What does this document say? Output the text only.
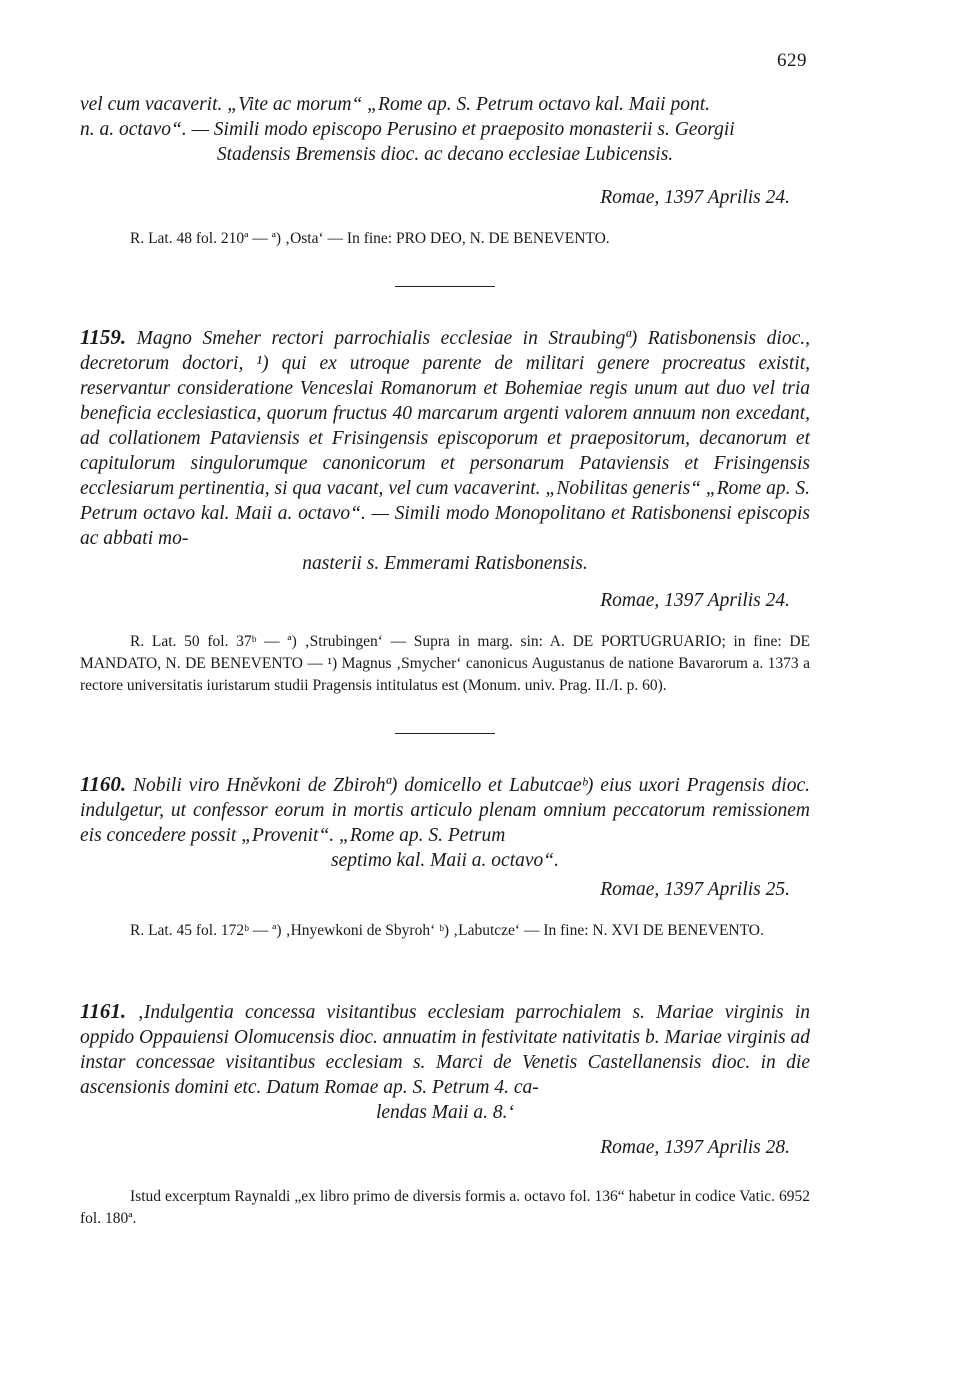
629

vel cum vacaverit. „Vite ac morum“ „Rome ap. S. Petrum octavo kal. Maii pont.

n. a. octavo“. — Simili modo episcopo Perusino et praeposito monasterii s. Georgii

Stadensis Bremensis dioc. ac decano ecclesiae Lubicensis.

Romae, 1397 Aprilis 24.

R. Lat. 48 fol. 210ª — ª) ‚Osta‘ — In fine: PRO DEO, N. DE BENEVENTO.

1159. Magno Smeher rectori parrochialis ecclesiae in Straubingª) Ratisbonensis dioc., decretorum doctori, ¹) qui ex utroque parente de militari genere procreatus existit, reservantur consideratione Venceslai Romanorum et Bohemiae regis unum aut duo vel tria beneficia ecclesiastica, quorum fructus 40 marcarum argenti valorem annuum non excedant, ad collationem Pataviensis et Frisingensis episcoporum et praepositorum, decanorum et capitulorum singulorumque canonicorum et personarum Pataviensis et Frisingensis ecclesiarum pertinentia, si qua vacant, vel cum vacaverint. „Nobilitas generis“ „Rome ap. S. Petrum octavo kal. Maii a. octavo“. — Simili modo Monopolitano et Ratisbonensi episcopis ac abbati mo-

nasterii s. Emmerami Ratisbonensis.

Romae, 1397 Aprilis 24.

R. Lat. 50 fol. 37ᵇ — ª) ‚Strubingen‘ — Supra in marg. sin: A. DE PORTUGRUARIO; in fine: DE MANDATO, N. DE BENEVENTO — ¹) Magnus ‚Smycher‘ canonicus Augustanus de natione Bavarorum a. 1373 a rectore universitatis iuristarum studii Pragensis intitulatus est (Monum. univ. Prag. II./I. p. 60).

1160. Nobili viro Hněvkoni de Zbirohª) domicello et Labutcaeᵇ) eius uxori Pragensis dioc. indulgetur, ut confessor eorum in mortis articulo plenam omnium peccatorum remissionem eis concedere possit „Provenit“. „Rome ap. S. Petrum

septimo kal. Maii a. octavo“.

Romae, 1397 Aprilis 25.

R. Lat. 45 fol. 172ᵇ — ª) ‚Hnyewkoni de Sbyroh‘ ᵇ) ‚Labutcze‘ — In fine: N. XVI DE BENEVENTO.

1161. ‚Indulgentia concessa visitantibus ecclesiam parrochialem s. Mariae virginis in oppido Oppauiensi Olomucensis dioc. annuatim in festivitate nativitatis b. Mariae virginis ad instar concessae visitantibus ecclesiam s. Marci de Venetis Castellanensis dioc. in die ascensionis domini etc. Datum Romae ap. S. Petrum 4. ca-

lendas Maii a. 8.‘

Romae, 1397 Aprilis 28.

Istud excerptum Raynaldi „ex libro primo de diversis formis a. octavo fol. 136“ habetur in codice Vatic. 6952 fol. 180ª.
